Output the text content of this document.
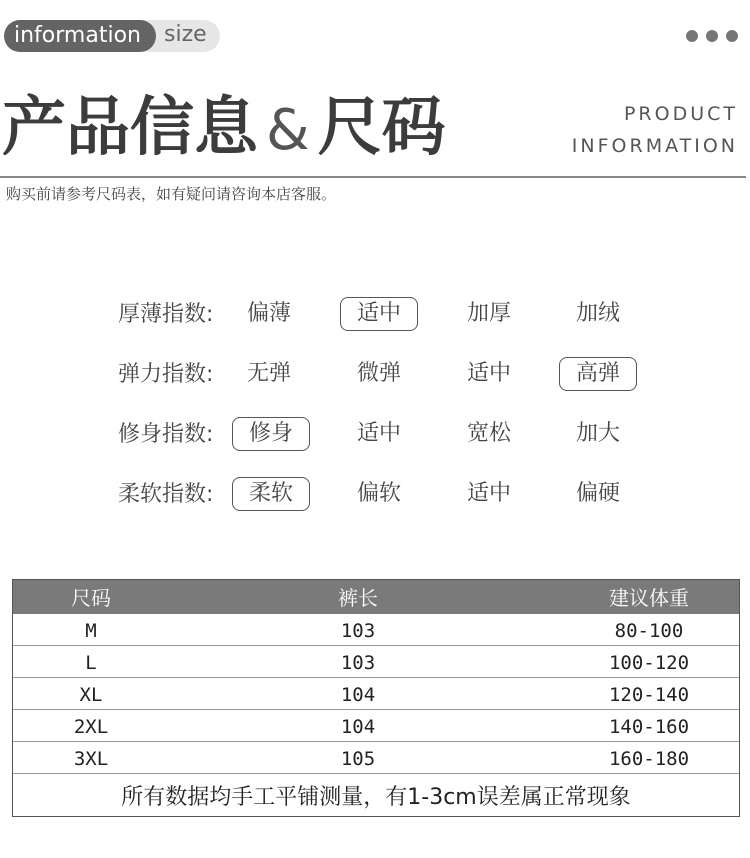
information	size
产品信息 & 尺码	PRODUCT
INFORMATION
购买前请参考尺码表，如有疑问请咨询本店客服。
厚薄指数:	偏薄	适中	加厚	加绒
弹力指数:	无弹	微弹	适中	高弹
修身指数:	修身	适中	宽松	加大
柔软指数:	柔软	偏软	适中	偏硬
尺码	裤长	建议体重
M	103	80-100
L	103	100-120
XL	104	120-140
2XL	104	140-160
3XL	105	160-180
所有数据均手工平铺测量，有1-3cm误差属正常现象
